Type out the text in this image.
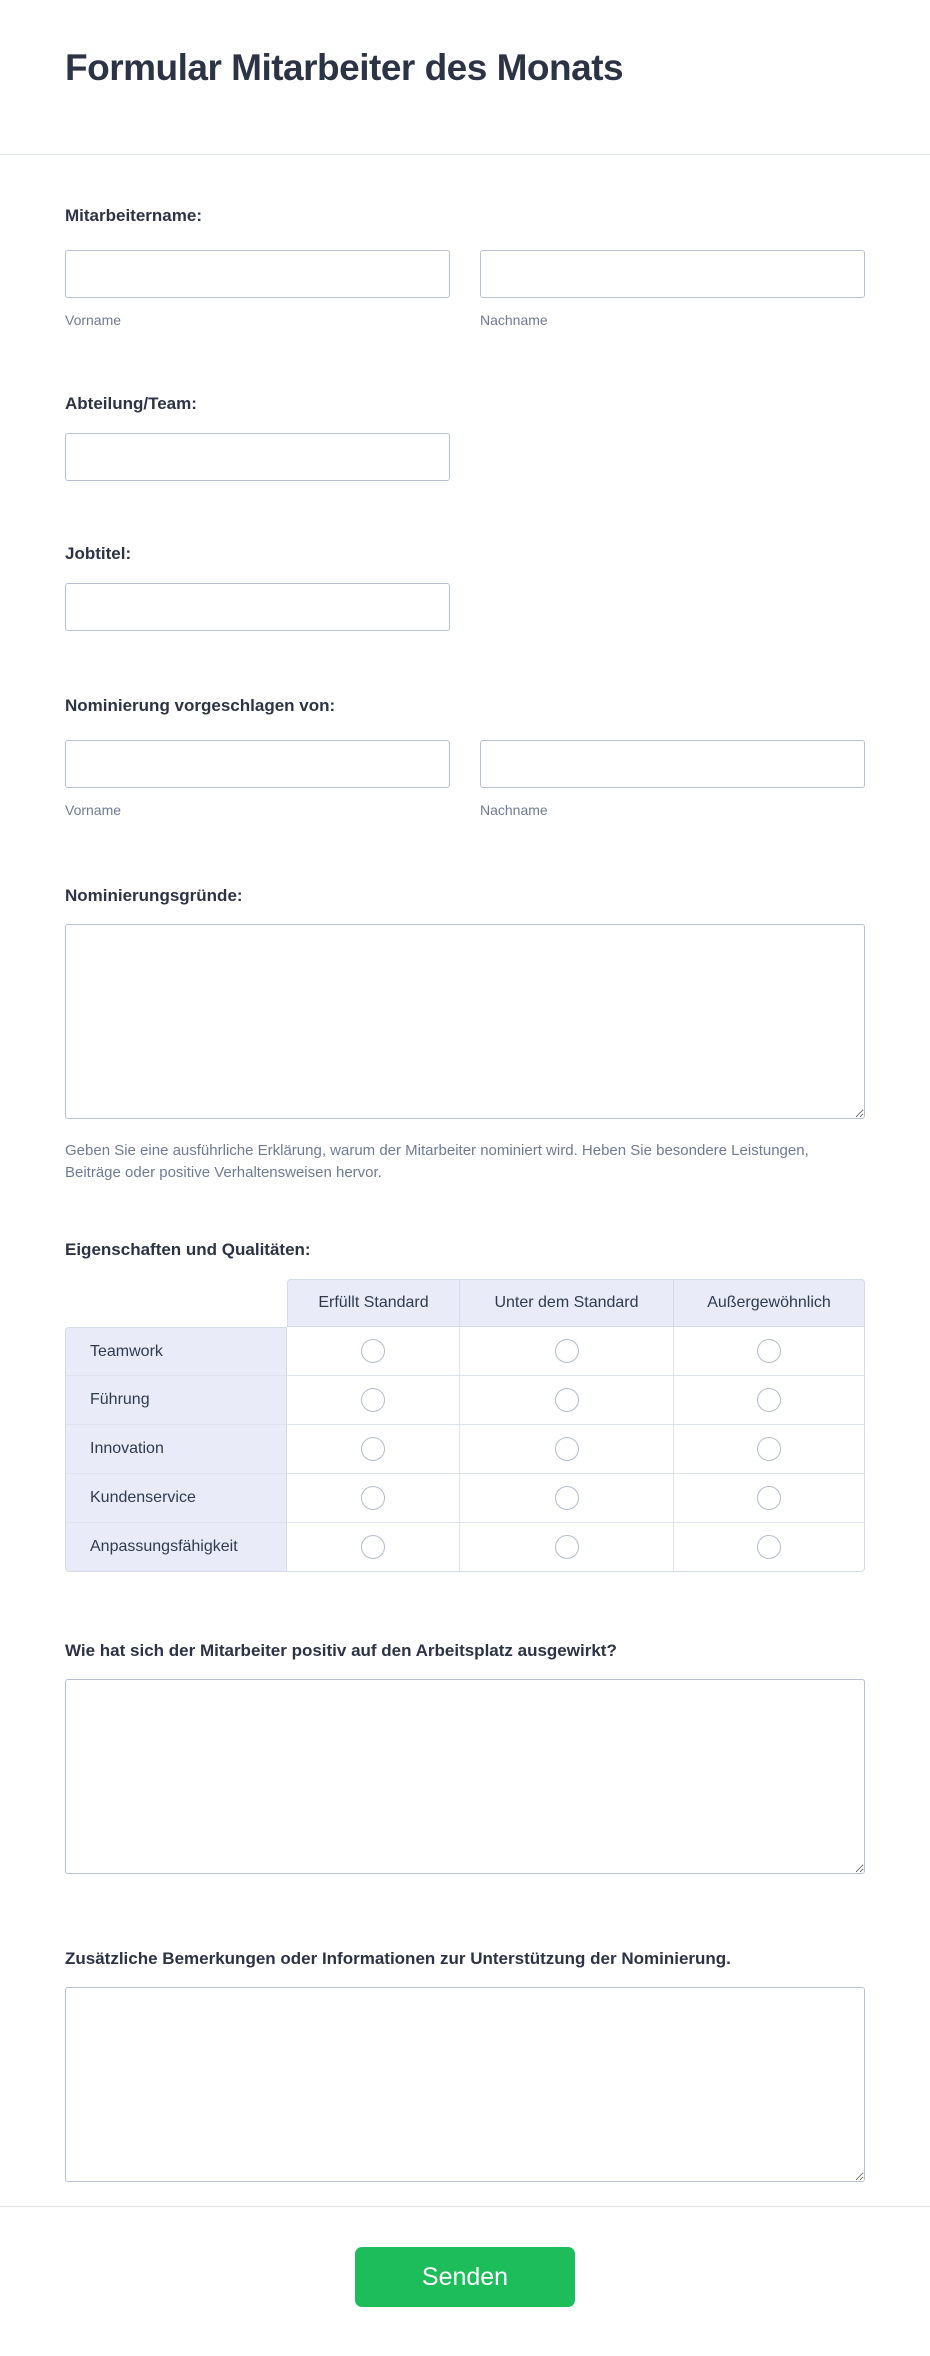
Formular Mitarbeiter des Monats
Mitarbeitername:
Vorname	Nachname
Abteilung/Team:
Jobtitel:
Nominierung vorgeschlagen von:
Vorname	Nachname
Nominierungsgründe:
Geben Sie eine ausführliche Erklärung, warum der Mitarbeiter nominiert wird. Heben Sie besondere Leistungen, Beiträge oder positive Verhaltensweisen hervor.
Eigenschaften und Qualitäten:
Erfüllt Standard	Unter dem Standard	Außergewöhnlich
Teamwork
Führung
Innovation
Kundenservice
Anpassungsfähigkeit
Wie hat sich der Mitarbeiter positiv auf den Arbeitsplatz ausgewirkt?
Zusätzliche Bemerkungen oder Informationen zur Unterstützung der Nominierung.
Senden
